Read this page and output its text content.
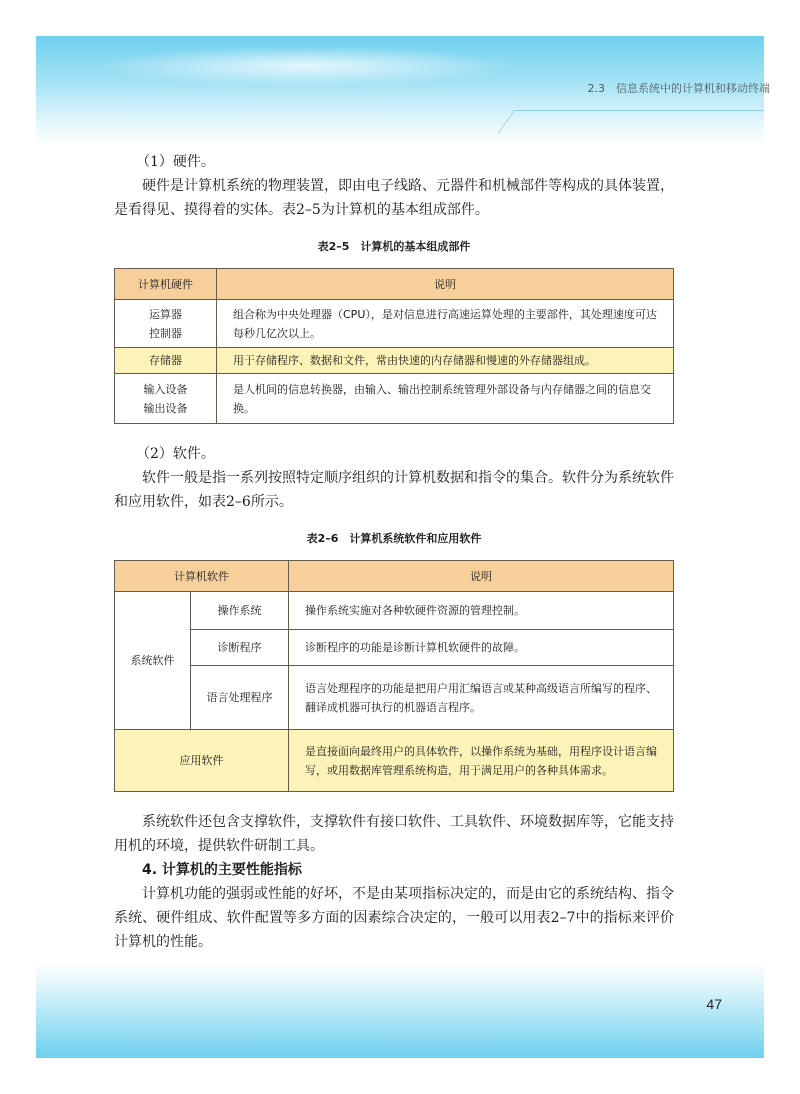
2.3　信息系统中的计算机和移动终端

（1）硬件。

硬件是计算机系统的物理装置，即由电子线路、元器件和机械部件等构成的具体装置，是看得见、摸得着的实体。表2–5为计算机的基本组成部件。

表2–5　计算机的基本组成部件

计算机硬件	说明

运算器
控制器	组合称为中央处理器（CPU），是对信息进行高速运算处理的主要部件，其处理速度可达每秒几亿次以上。

存储器	用于存储程序、数据和文件，常由快速的内存储器和慢速的外存储器组成。

输入设备
输出设备	是人机间的信息转换器，由输入、输出控制系统管理外部设备与内存储器之间的信息交换。

（2）软件。

软件一般是指一系列按照特定顺序组织的计算机数据和指令的集合。软件分为系统软件和应用软件，如表2–6所示。

表2–6　计算机系统软件和应用软件

计算机软件		说明
系统软件	操作系统	操作系统实施对各种软硬件资源的管理控制。
	诊断程序	诊断程序的功能是诊断计算机软硬件的故障。
	语言处理程序	语言处理程序的功能是把用户用汇编语言或某种高级语言所编写的程序、翻译成机器可执行的机器语言程序。
应用软件		是直接面向最终用户的具体软件，以操作系统为基础，用程序设计语言编写，或用数据库管理系统构造，用于满足用户的各种具体需求。

系统软件还包含支撑软件，支撑软件有接口软件、工具软件、环境数据库等，它能支持用机的环境，提供软件研制工具。

4. 计算机的主要性能指标

计算机功能的强弱或性能的好坏，不是由某项指标决定的，而是由它的系统结构、指令系统、硬件组成、软件配置等多方面的因素综合决定的，一般可以用表2–7中的指标来评价计算机的性能。

47
